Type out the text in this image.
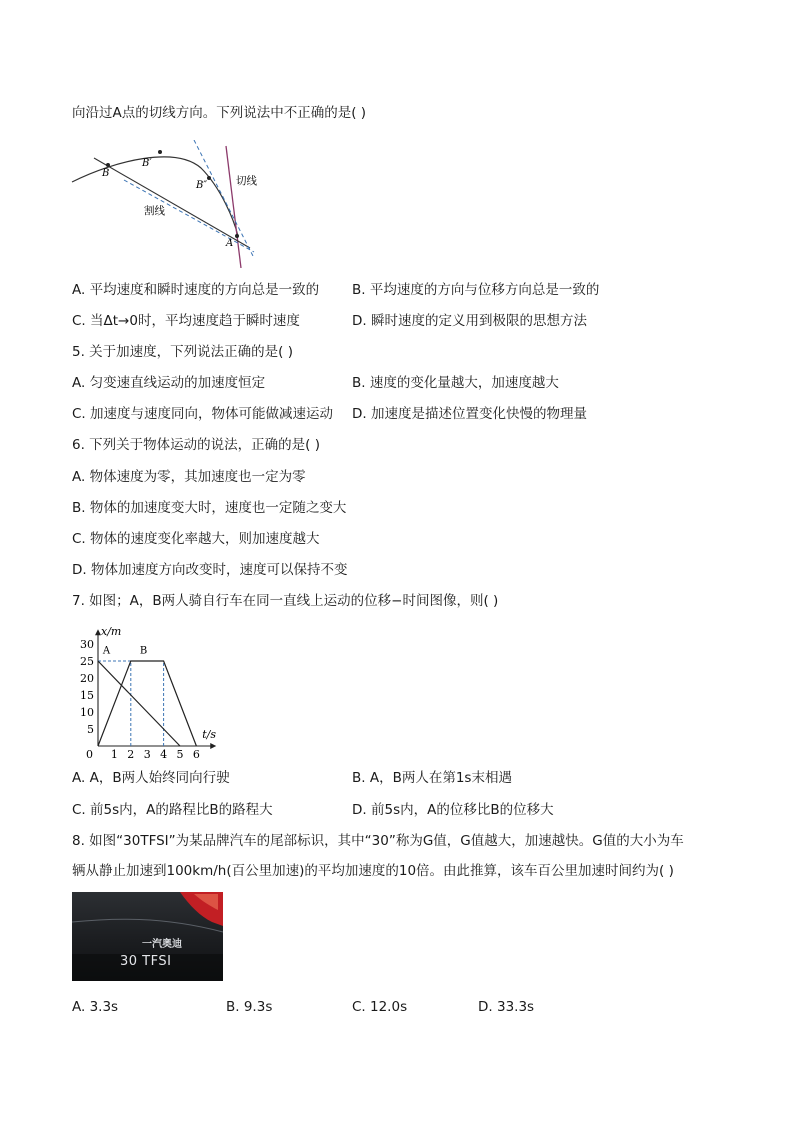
向沿过A点的切线方向。下列说法中不正确的是( )
B
B′
B″
A
切线
割线
A. 平均速度和瞬时速度的方向总是一致的 B. 平均速度的方向与位移方向总是一致的
C. 当Δt→0时，平均速度趋于瞬时速度	D. 瞬时速度的定义用到极限的思想方法
5. 关于加速度，下列说法正确的是( )
A. 匀变速直线运动的加速度恒定	B. 速度的变化量越大，加速度越大
C. 加速度与速度同向，物体可能做减速运动 D. 加速度是描述位置变化快慢的物理量
6. 下列关于物体运动的说法，正确的是( )
A. 物体速度为零，其加速度也一定为零
B. 物体的加速度变大时，速度也一定随之变大
C. 物体的速度变化率越大，则加速度越大
D. 物体加速度方向改变时，速度可以保持不变
7. 如图；A，B两人骑自行车在同一直线上运动的位移−时间图像，则( )
x/m
t/s
0 1 2 3 4 5 6
5
10
15
20
25
30
A	B
A. A，B两人始终同向行驶	B. A，B两人在第1s末相遇
C. 前5s内，A的路程比B的路程大	D. 前5s内，A的位移比B的位移大
8. 如图“30TFSI”为某品牌汽车的尾部标识，其中“30”称为G值，G值越大，加速越快。G值的大小为车
辆从静止加速到100km/h(百公里加速)的平均加速度的10倍。由此推算，该车百公里加速时间约为( )
一汽奥迪
30 TFSI
A. 3.3s	B. 9.3s	C. 12.0s	D. 33.3s
